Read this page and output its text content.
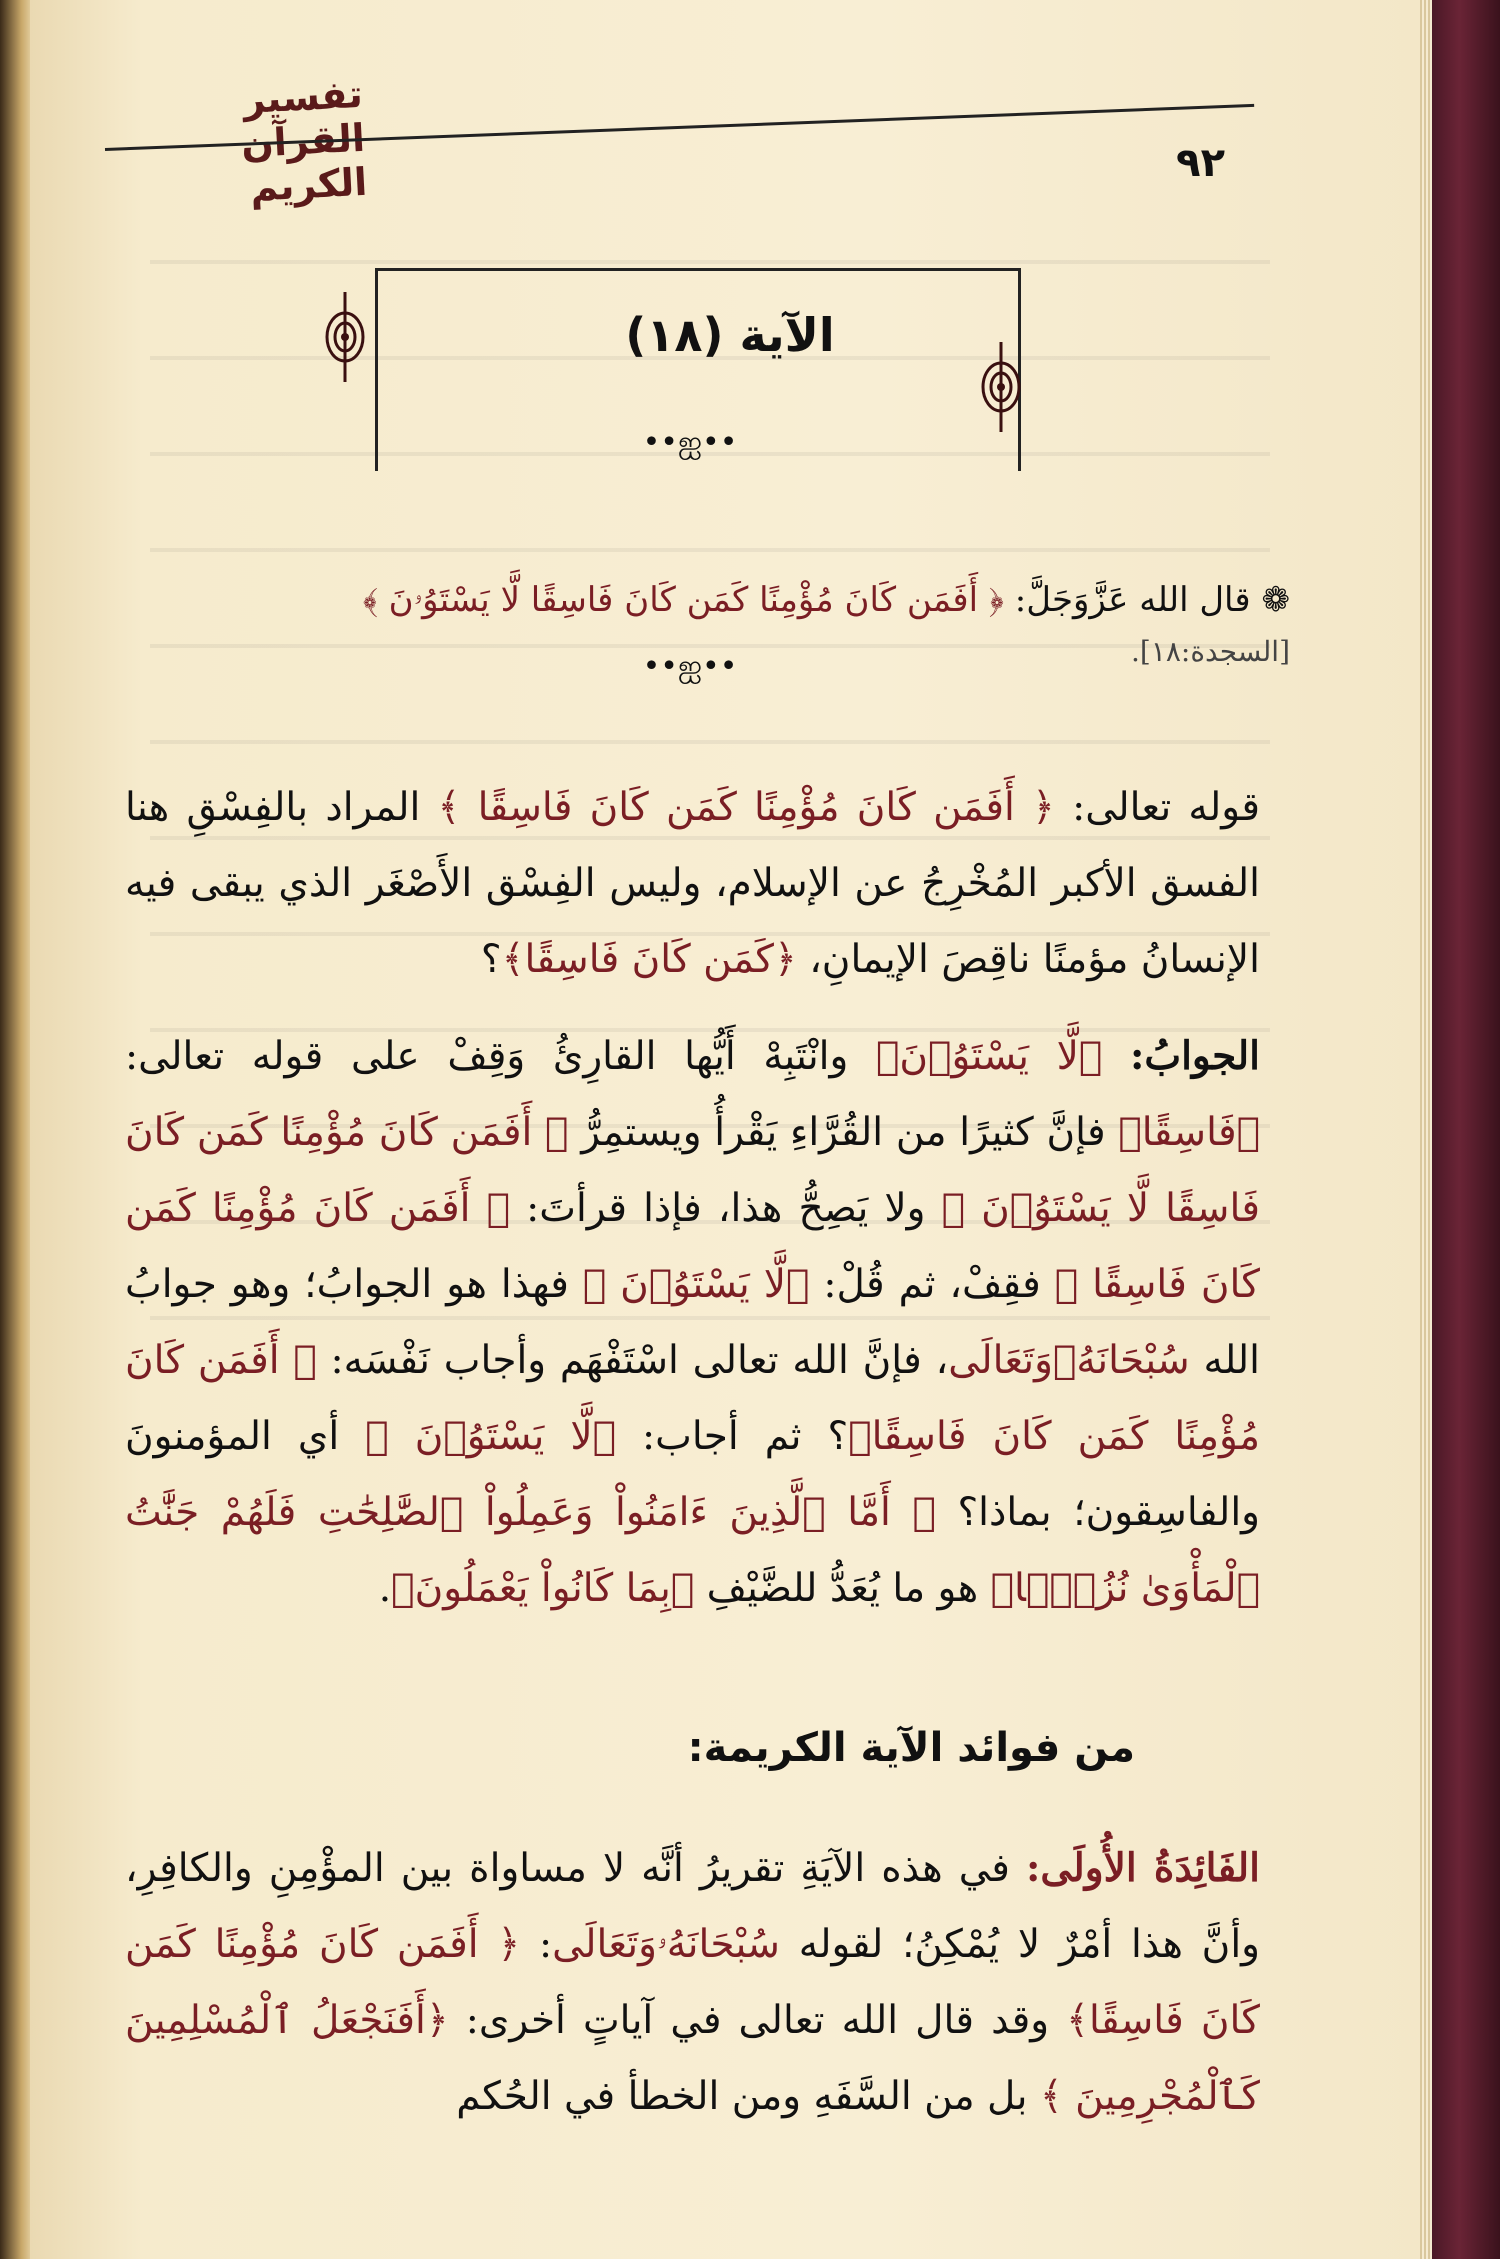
تفسير القرآن الكريم	٩٢
الآية (١٨)
••ஐ••
❁ قال الله عَزَّوَجَلَّ: ﴿ أَفَمَن كَانَ مُؤْمِنًا كَمَن كَانَ فَاسِقًا لَّا يَسْتَوُۥنَ ﴾ [السجدة:١٨].
••ஐ••
قوله تعالى: ﴿ أَفَمَن كَانَ مُؤْمِنًا كَمَن كَانَ فَاسِقًا ﴾ المراد بالفِسْقِ هنا الفسق الأكبر المُخْرِجُ عن الإسلام، وليس الفِسْق الأَصْغَر الذي يبقى فيه الإنسانُ مؤمنًا ناقِصَ الإيمانِ، ﴿كَمَن كَانَ فَاسِقًا﴾؟
الجوابُ: ﴿لَّا يَسْتَوُۥنَ﴾ وانْتَبِهْ أَيُّها القارِئُ وَقِفْ على قوله تعالى: ﴿فَاسِقًا﴾ فإنَّ كثيرًا من القُرَّاءِ يَقْرأُ ويستمِرُّ ﴿ أَفَمَن كَانَ مُؤْمِنًا كَمَن كَانَ فَاسِقًا لَّا يَسْتَوُۥنَ ﴾ ولا يَصِحُّ هذا، فإذا قرأتَ: ﴿ أَفَمَن كَانَ مُؤْمِنًا كَمَن كَانَ فَاسِقًا ﴾ فقِفْ، ثم قُلْ: ﴿لَّا يَسْتَوُۥنَ ﴾ فهذا هو الجوابُ؛ وهو جوابُ الله سُبْحَانَهُۥوَتَعَالَى، فإنَّ الله تعالى اسْتَفْهَم وأجاب نَفْسَه: ﴿ أَفَمَن كَانَ مُؤْمِنًا كَمَن كَانَ فَاسِقًا﴾؟ ثم أجاب: ﴿لَّا يَسْتَوُۥنَ ﴾ أي المؤمنونَ والفاسِقون؛ بماذا؟ ﴿ أَمَّا ٱلَّذِينَ ءَامَنُواْ وَعَمِلُواْ ٱلصَّٰلِحَٰتِ فَلَهُمْ جَنَّٰتُ ٱلْمَأْوَىٰ نُزُلًۢا﴾ هو ما يُعَدُّ للضَّيْفِ ﴿بِمَا كَانُواْ يَعْمَلُونَ﴾.
من فوائد الآية الكريمة:
الفَائِدَةُ الأُولَى: في هذه الآيَةِ تقريرُ أنَّه لا مساواة بين المؤْمِنِ والكافِرِ، وأنَّ هذا أمْرٌ لا يُمْكِنُ؛ لقوله سُبْحَانَهُۥوَتَعَالَى: ﴿ أَفَمَن كَانَ مُؤْمِنًا كَمَن كَانَ فَاسِقًا﴾ وقد قال الله تعالى في آياتٍ أخرى: ﴿أَفَنَجْعَلُ ٱلْمُسْلِمِينَ كَٱلْمُجْرِمِينَ ﴾ بل من السَّفَهِ ومن الخطأ في الحُكم
